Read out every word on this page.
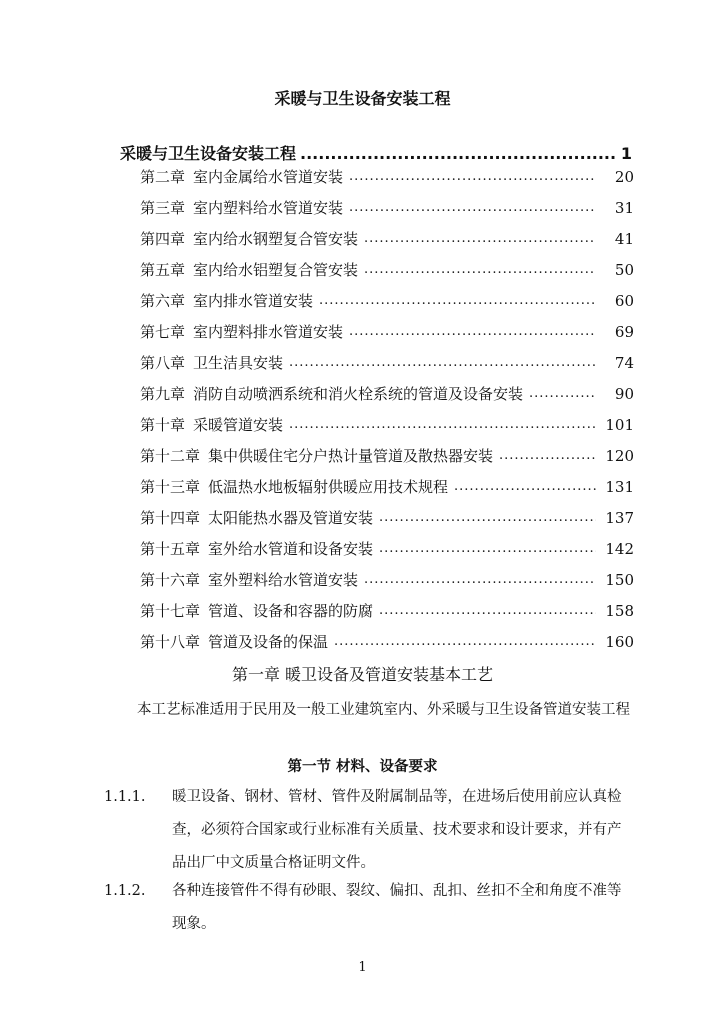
采暖与卫生设备安装工程
采暖与卫生设备安装工程 .....	1
第二章 室内金属给水管道安装 .....	20
第三章 室内塑料给水管道安装 .....	31
第四章 室内给水钢塑复合管安装 .....	41
第五章 室内给水铝塑复合管安装 .....	50
第六章 室内排水管道安装 .....	60
第七章 室内塑料排水管道安装 .....	69
第八章 卫生洁具安装 .....	74
第九章 消防自动喷洒系统和消火栓系统的管道及设备安装 .....	90
第十章 采暖管道安装 .....	101
第十二章 集中供暖住宅分户热计量管道及散热器安装 .....	120
第十三章 低温热水地板辐射供暖应用技术规程 .....	131
第十四章 太阳能热水器及管道安装 .....	137
第十五章 室外给水管道和设备安装 .....	142
第十六章 室外塑料给水管道安装 .....	150
第十七章 管道、设备和容器的防腐 .....	158
第十八章 管道及设备的保温 .....	160
第一章 暖卫设备及管道安装基本工艺
本工艺标准适用于民用及一般工业建筑室内、外采暖与卫生设备管道安装工程
第一节 材料、设备要求
1.1.1. 暖卫设备、钢材、管材、管件及附属制品等，在进场后使用前应认真检查，必须符合国家或行业标准有关质量、技术要求和设计要求，并有产品出厂中文质量合格证明文件。
1.1.2. 各种连接管件不得有砂眼、裂纹、偏扣、乱扣、丝扣不全和角度不准等现象。
1
